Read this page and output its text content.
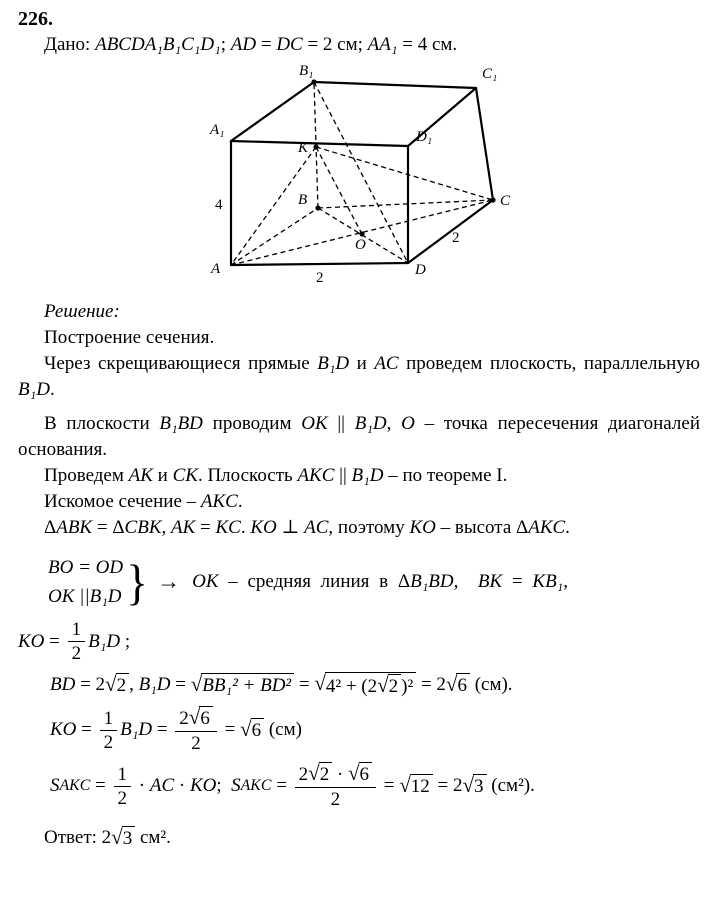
226.

Дано: ABCDA₁B₁C₁D₁; AD = DC = 2 см; AA₁ = 4 см.

B₁	C₁
A₁	D₁
K
B	C
O
A	D
4
2
2

Решение:

Построение сечения.

Через скрещивающиеся прямые B₁D и AC проведем плоскость, параллельную B₁D.

В плоскости B₁BD проводим OK || B₁D, O – точка пересечения диагоналей основания.

Проведем AK и CK. Плоскость AKC || B₁D – по теореме I.

Искомое сечение – AKC.

ΔABK = ΔCBK, AK = KC. KO ⊥ AC, поэтому KO – высота ΔAKC.

BO = OD
OK ||B₁D } → OK – средняя линия в ΔB₁BD,  BK = KB₁,
KO = $\frac{1}{2} B_1D$ ;
BD = 2 √ 2 , B₁D = √ BB₁² + BD² = √ 4² + (2 √ 2 )² = 2 √ 6 (см).
KO = $\frac{1}{2} B_1D = \frac{2 √ 6}{2}$ = √ 6 (см)
S AKC = $\frac{1}{2}$ · AC · KO ; S AKC = $\frac{2 √ 2 \cdot √ 6}{2}$ = √ 12 = 2 √ 3 (см²).
Ответ: 2 √ 3 см².
